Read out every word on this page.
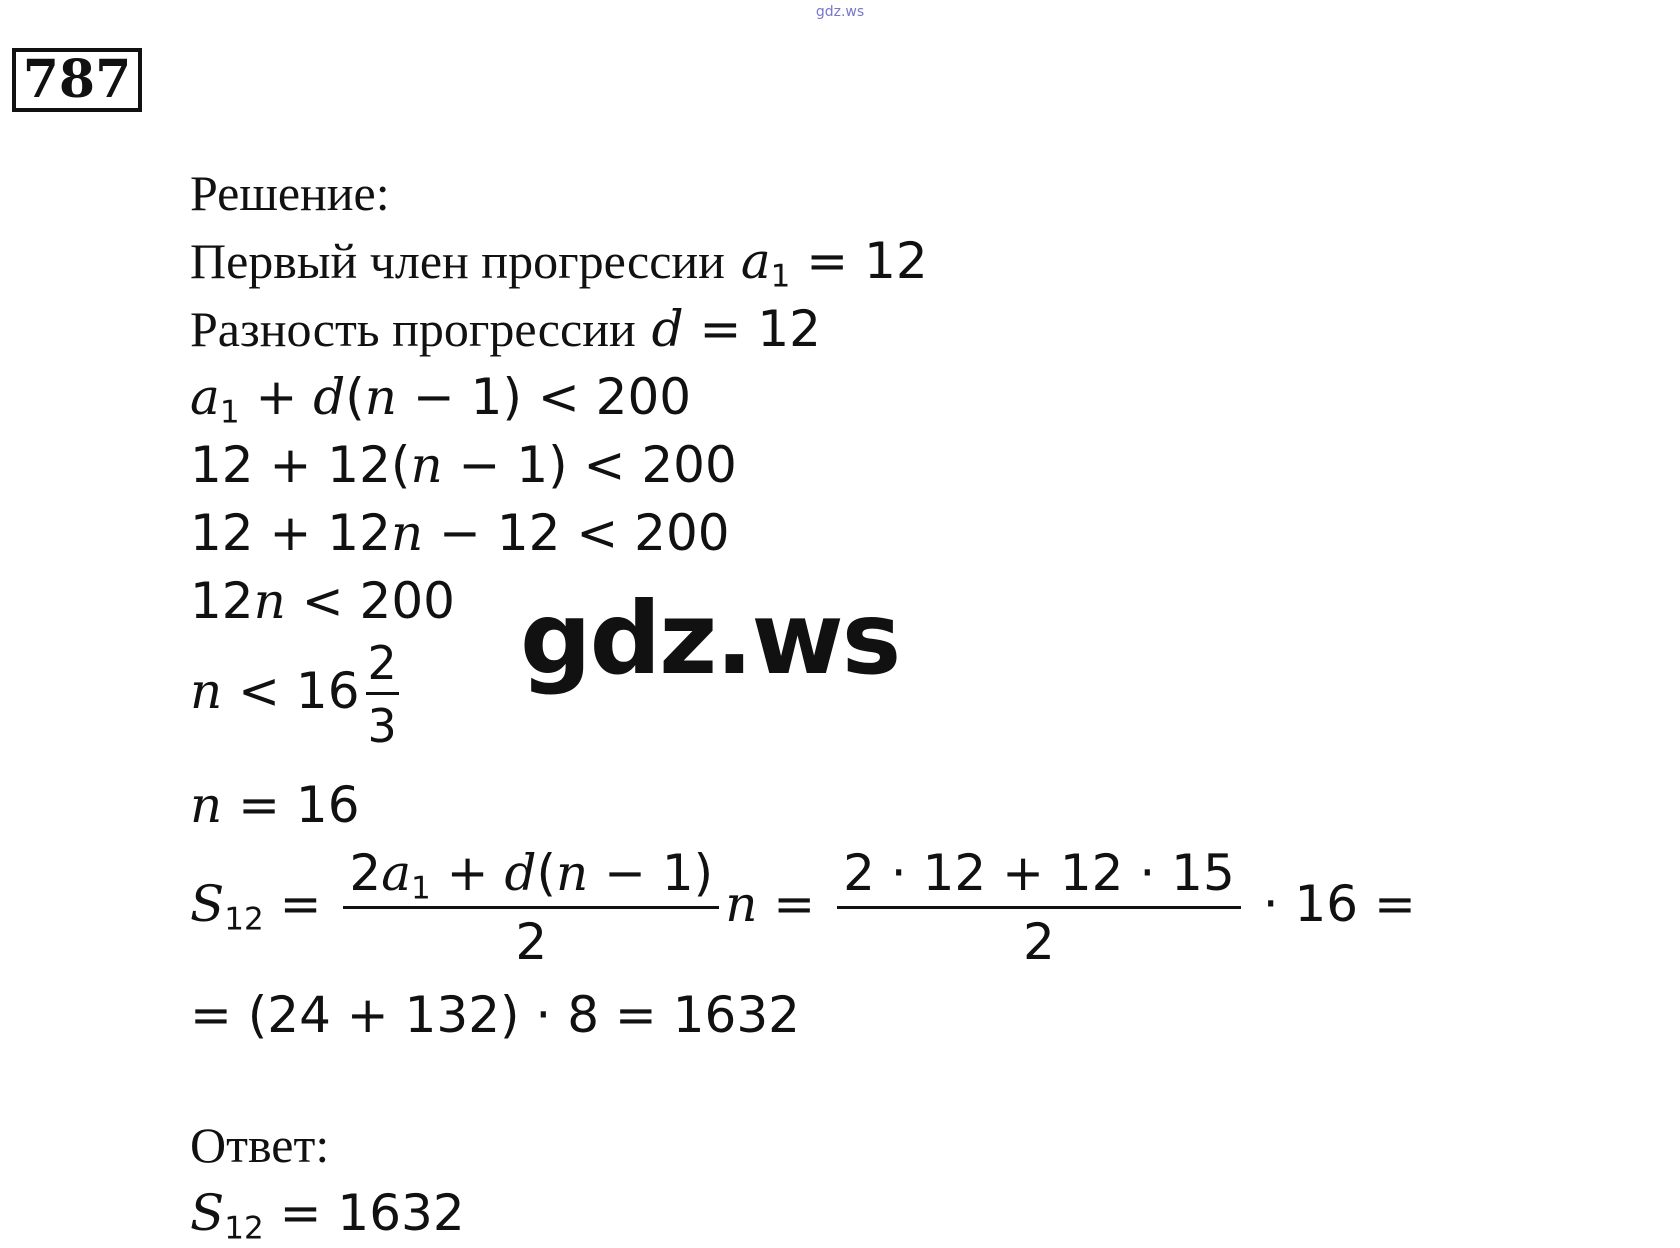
gdz.ws
787
Решение:
Первый член прогрессии $a_1 = 12$
Разность прогрессии d = 12
$a_1 + d(n - 1) < 200$
12 + 12(n − 1) < 200
12 + 12n − 12 < 200
12n < 200
$n < 16 \frac{2}{3}$
n = 16
$S_{12} = \frac{2a_1 + d(n - 1)}{2}$ $n = \frac{2 \cdot 12 + 12 \cdot 15}{2} \cdot 16$ =
= (24 + 132) · 8 = 1632
Ответ:
$S_{12} = 1632$
gdz.ws
